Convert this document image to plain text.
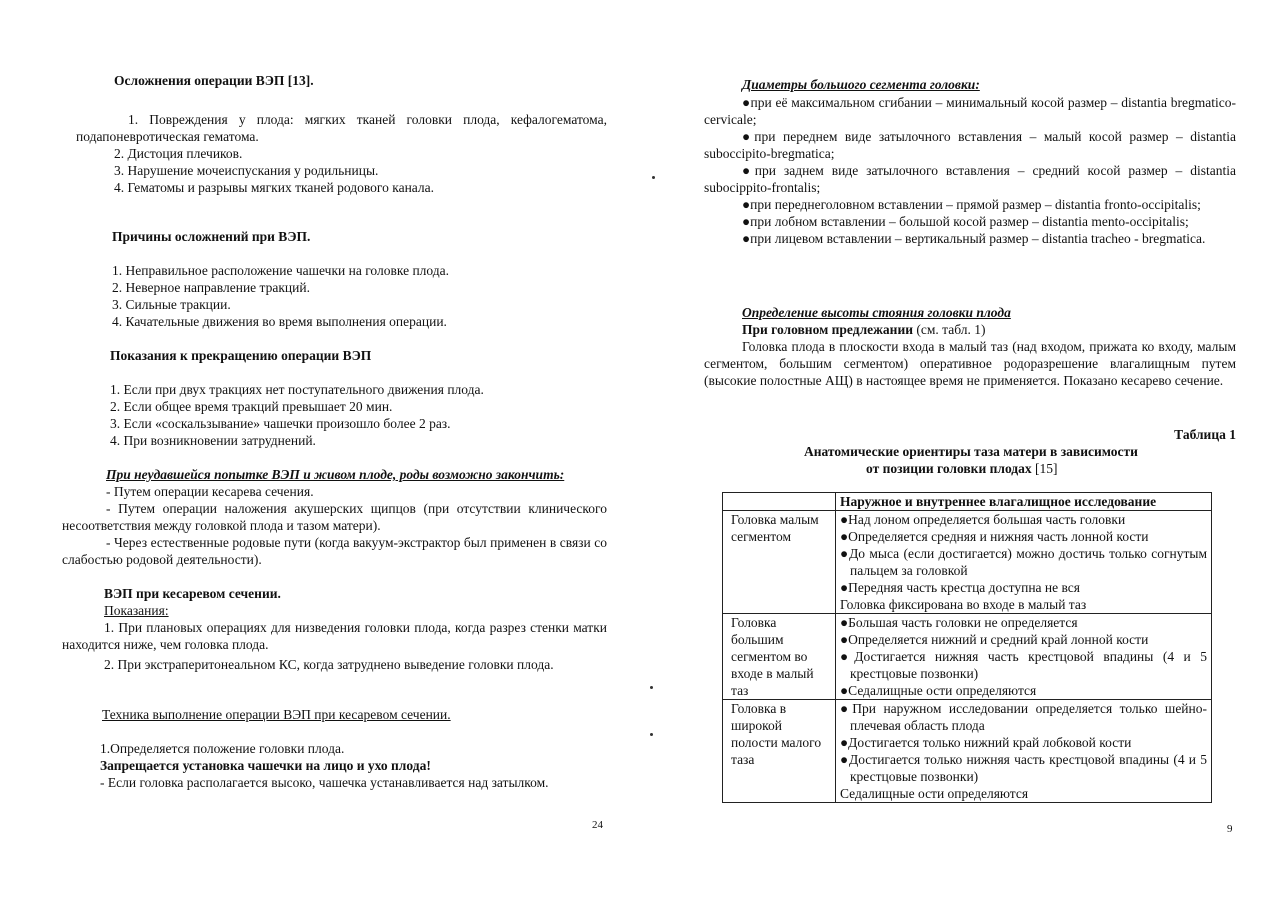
Осложнения операции ВЭП [13].

1. Повреждения у плода: мягких тканей головки плода, кефалогематома, подапоневротическая гематома.

2. Дистоция плечиков.

3. Нарушение мочеиспускания у родильницы.

4. Гематомы и разрывы мягких тканей родового канала.

Причины осложнений при ВЭП.

1. Неправильное расположение чашечки на головке плода.

2. Неверное направление тракций.

3. Сильные тракции.

4. Качательные движения во время выполнения операции.

Показания к прекращению операции ВЭП

1. Если при двух тракциях нет поступательного движения плода.

2. Если общее время тракций превышает 20 мин.

3. Если «соскальзывание» чашечки произошло более 2 раз.

4. При возникновении затруднений.

При неудавшейся попытке ВЭП и живом плоде, роды возможно закончить:

- Путем операции кесарева сечения.

- Путем операции наложения акушерских щипцов (при отсутствии клинического несоответствия между головкой плода и тазом матери).

- Через естественные родовые пути (когда вакуум-экстрактор был применен в связи со слабостью родовой деятельности).

ВЭП при кесаревом сечении.

Показания:

1. При плановых операциях для низведения головки плода, когда разрез стенки матки находится ниже, чем головка плода.

2. При экстраперитонеальном КС, когда затруднено выведение головки плода.

Техника выполнение операции ВЭП при кесаревом сечении.

1.Определяется положение головки плода.

Запрещается установка чашечки на лицо и ухо плода!

- Если головка располагается высоко, чашечка устанавливается над затылком.

24

Диаметры большого сегмента головки:

●при её максимальном сгибании – минимальный косой размер – distantia bregmatico-cervicale;

●при переднем виде затылочного вставления – малый косой размер – distantia suboccipito-bregmatica;

●при заднем виде затылочного вставления – средний косой размер – distantia subocippito-frontalis;

●при переднеголовном вставлении – прямой размер – distantia fronto-occipitalis;

●при лобном вставлении – большой косой размер – distantia mento-occipitalis;

●при лицевом вставлении – вертикальный размер – distantia tracheo - bregmatica.

Определение высоты стояния головки плода

При головном предлежании (см. табл. 1)

Головка плода в плоскости входа в малый таз (над входом, прижата ко входу, малым сегментом, большим сегментом) оперативное родоразрешение влагалищным путем (высокие полостные АЩ) в настоящее время не применяется. Показано кесарево сечение.

Таблица 1

Анатомические ориентиры таза матери в зависимости

от позиции головки плодах [15]

	Наружное и внутреннее влагалищное исследование
Головка малым сегментом	●Над лоном определяется большая часть головки
●Определяется средняя и нижняя часть лонной кости
●До мыса (если достигается) можно достичь только согнутым пальцем за головкой
●Передняя часть крестца доступна не вся
Головка фиксирована во входе в малый таз

Головка большим сегментом во входе в малый таз	●Большая часть головки не определяется
●Определяется нижний и средний край лонной кости
●Достигается нижняя часть крестцовой впадины (4 и 5 крестцовые позвонки)
●Седалищные ости определяются

Головка в широкой полости малого таза	●При наружном исследовании определяется только шейно-плечевая область плода
●Достигается только нижний край лобковой кости
●Достигается только нижняя часть крестцовой впадины (4 и 5 крестцовые позвонки)
Седалищные ости определяются
9
